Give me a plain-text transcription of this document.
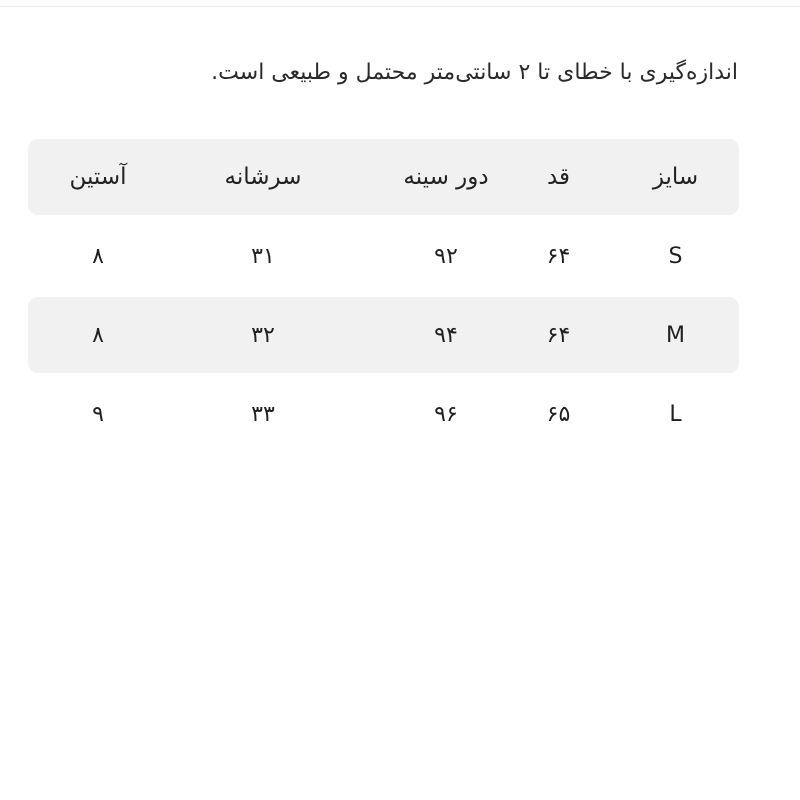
اندازه‌گیری با خطای تا ۲ سانتی‌متر محتمل و طبیعی است.
سایز
قد
دور سینه
سرشانه
آستین
S
۶۴
۹۲
۳۱
۸
M
۶۴
۹۴
۳۲
۸
L
۶۵
۹۶
۳۳
۹
